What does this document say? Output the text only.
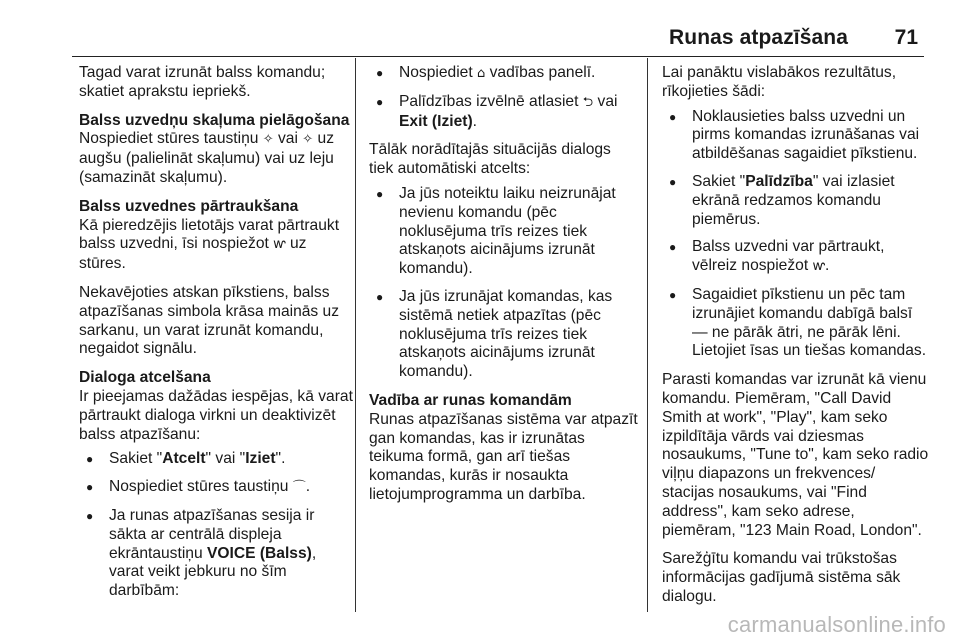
Runas atpazīšana 71

Tagad varat izrunāt balss komandu; skatiet aprakstu iepriekš.

Balss uzvedņu skaļuma pielāgošana
Nospiediet stūres taustiņu ✧ vai ✧ uz augšu (palielināt skaļumu) vai uz leju (samazināt skaļumu).

Balss uzvednes pārtraukšana
Kā pieredzējis lietotājs varat pārtraukt balss uzvedni, īsi nospiežot ⱳ uz stūres.

Nekavējoties atskan pīkstiens, balss atpazīšanas simbola krāsa mainās uz sarkanu, un varat izrunāt komandu, negaidot signālu.

Dialoga atcelšana
Ir pieejamas dažādas iespējas, kā varat pārtraukt dialoga virkni un deaktivizēt balss atpazīšanu:

● Sakiet "Atcelt" vai "Iziet".
● Nospiediet stūres taustiņu ⌒.
● Ja runas atpazīšanas sesija ir sākta ar centrālā displeja ekrāntaustiņu VOICE (Balss), varat veikt jebkuru no šīm darbībām:
● Nospiediet ⌂ vadības panelī.
● Palīdzības izvēlnē atlasiet ⮌ vai Exit (Iziet).

Tālāk norādītajās situācijās dialogs tiek automātiski atcelts:

● Ja jūs noteiktu laiku neizrunājat nevienu komandu (pēc noklusējuma trīs reizes tiek atskaņots aicinājums izrunāt komandu).
● Ja jūs izrunājat komandas, kas sistēmā netiek atpazītas (pēc noklusējuma trīs reizes tiek atskaņots aicinājums izrunāt komandu).

Vadība ar runas komandām
Runas atpazīšanas sistēma var atpazīt gan komandas, kas ir izrunātas teikuma formā, gan arī tiešas komandas, kurās ir nosaukta lietojumprogramma un darbība.

Lai panāktu vislabākos rezultātus, rīkojieties šādi:

● Noklausieties balss uzvedni un pirms komandas izrunāšanas vai atbildēšanas sagaidiet pīkstienu.
● Sakiet "Palīdzība" vai izlasiet ekrānā redzamos komandu piemērus.
● Balss uzvedni var pārtraukt, vēlreiz nospiežot ⱳ.
● Sagaidiet pīkstienu un pēc tam izrunājiet komandu dabīgā balsī — ne pārāk ātri, ne pārāk lēni. Lietojiet īsas un tiešas komandas.

Parasti komandas var izrunāt kā vienu komandu. Piemēram, "Call David Smith at work", "Play", kam seko izpildītāja vārds vai dziesmas nosaukums, "Tune to", kam seko radio viļņu diapazons un frekvences/ stacijas nosaukums, vai "Find address", kam seko adrese, piemēram, "123 Main Road, London".

Sarežģītu komandu vai trūkstošas informācijas gadījumā sistēma sāk dialogu.

carmanualsonline.info
